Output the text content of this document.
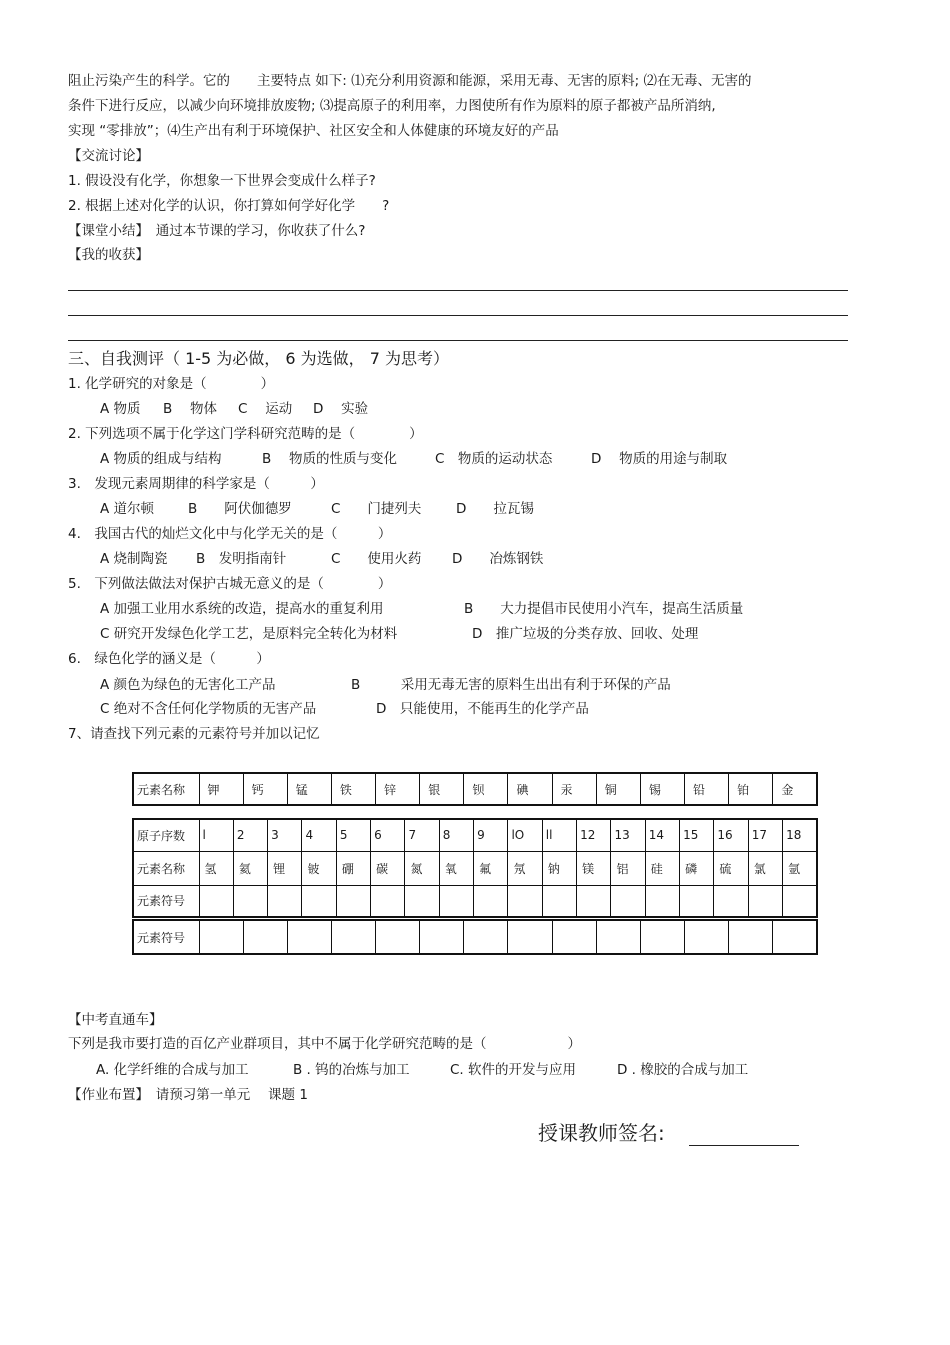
阻止污染产生的科学。它的　　主要特点 如下: ⑴充分利用资源和能源，采用无毒、无害的原料; ⑵在无毒、无害的
条件下进行反应，以减少向环境排放废物; ⑶提高原子的利用率，力图使所有作为原料的原子都被产品所消纳,
实现 “零排放”；⑷生产出有利于环境保护、社区安全和人体健康的环境友好的产品
【交流讨论】
1. 假设没有化学，你想象一下世界会变成什么样子?
2. 根据上述对化学的认识，你打算如何学好化学　　?
【课堂小结】　通过本节课的学习，你收获了什么?
【我的收获】
三、自我测评（ 1-5 为必做， 6 为选做， 7 为思考）
1. 化学研究的对象是（　　　　）
A 物质 B　 物体 C　 运动 D　 实验
2. 下列选项不属于化学这门学科研究范畴的是（　　　　）
A 物质的组成与结构	B　 物质的性质与变化	C　物质的运动状态	D　 物质的用途与制取
3.　发现元素周期律的科学家是（　　　）
A 道尔顿	B　　阿伏伽德罗	C　　门捷列夫	D　　拉瓦锡
4.　我国古代的灿烂文化中与化学无关的是（　　　）
A 烧制陶瓷 B　发明指南针	C　　使用火药 D　　冶炼钢铁
5.　下列做法做法对保护古城无意义的是（　　　　）
A 加强工业用水系统的改造，提高水的重复利用	B　　大力提倡市民使用小汽车，提高生活质量
C 研究开发绿色化学工艺，是原料完全转化为材料	D　推广垃圾的分类存放、回收、处理
6.　绿色化学的涵义是（　　　）
A 颜色为绿色的无害化工产品	B　　　采用无毒无害的原料生出出有利于环保的产品
C 绝对不含任何化学物质的无害产品	D　只能使用，不能再生的化学产品
7、请查找下列元素的元素符号并加以记忆
元素名称	钾	钙	锰	铁	锌	银	钡	碘	汞	铜	锡	铅	铂	金
原子序数	l	2	3	4	5	6	7	8	9	lO	ll	12	13	14	15	16	17	18
元素名称	氢	氦	锂	铍	硼	碳	氮	氧	氟	氖	钠	镁	铝	硅	磷	硫	氯	氩
元素符号																		
元素符号														
【中考直通车】
下列是我市要打造的百亿产业群项目，其中不属于化学研究范畴的是（　　　　　　）
A. 化学纤维的合成与加工	B . 钨的冶炼与加工	C. 软件的开发与应用	D . 橡胶的合成与加工
【作业布置】　请预习第一单元　 课题 1
授课教师签名:
